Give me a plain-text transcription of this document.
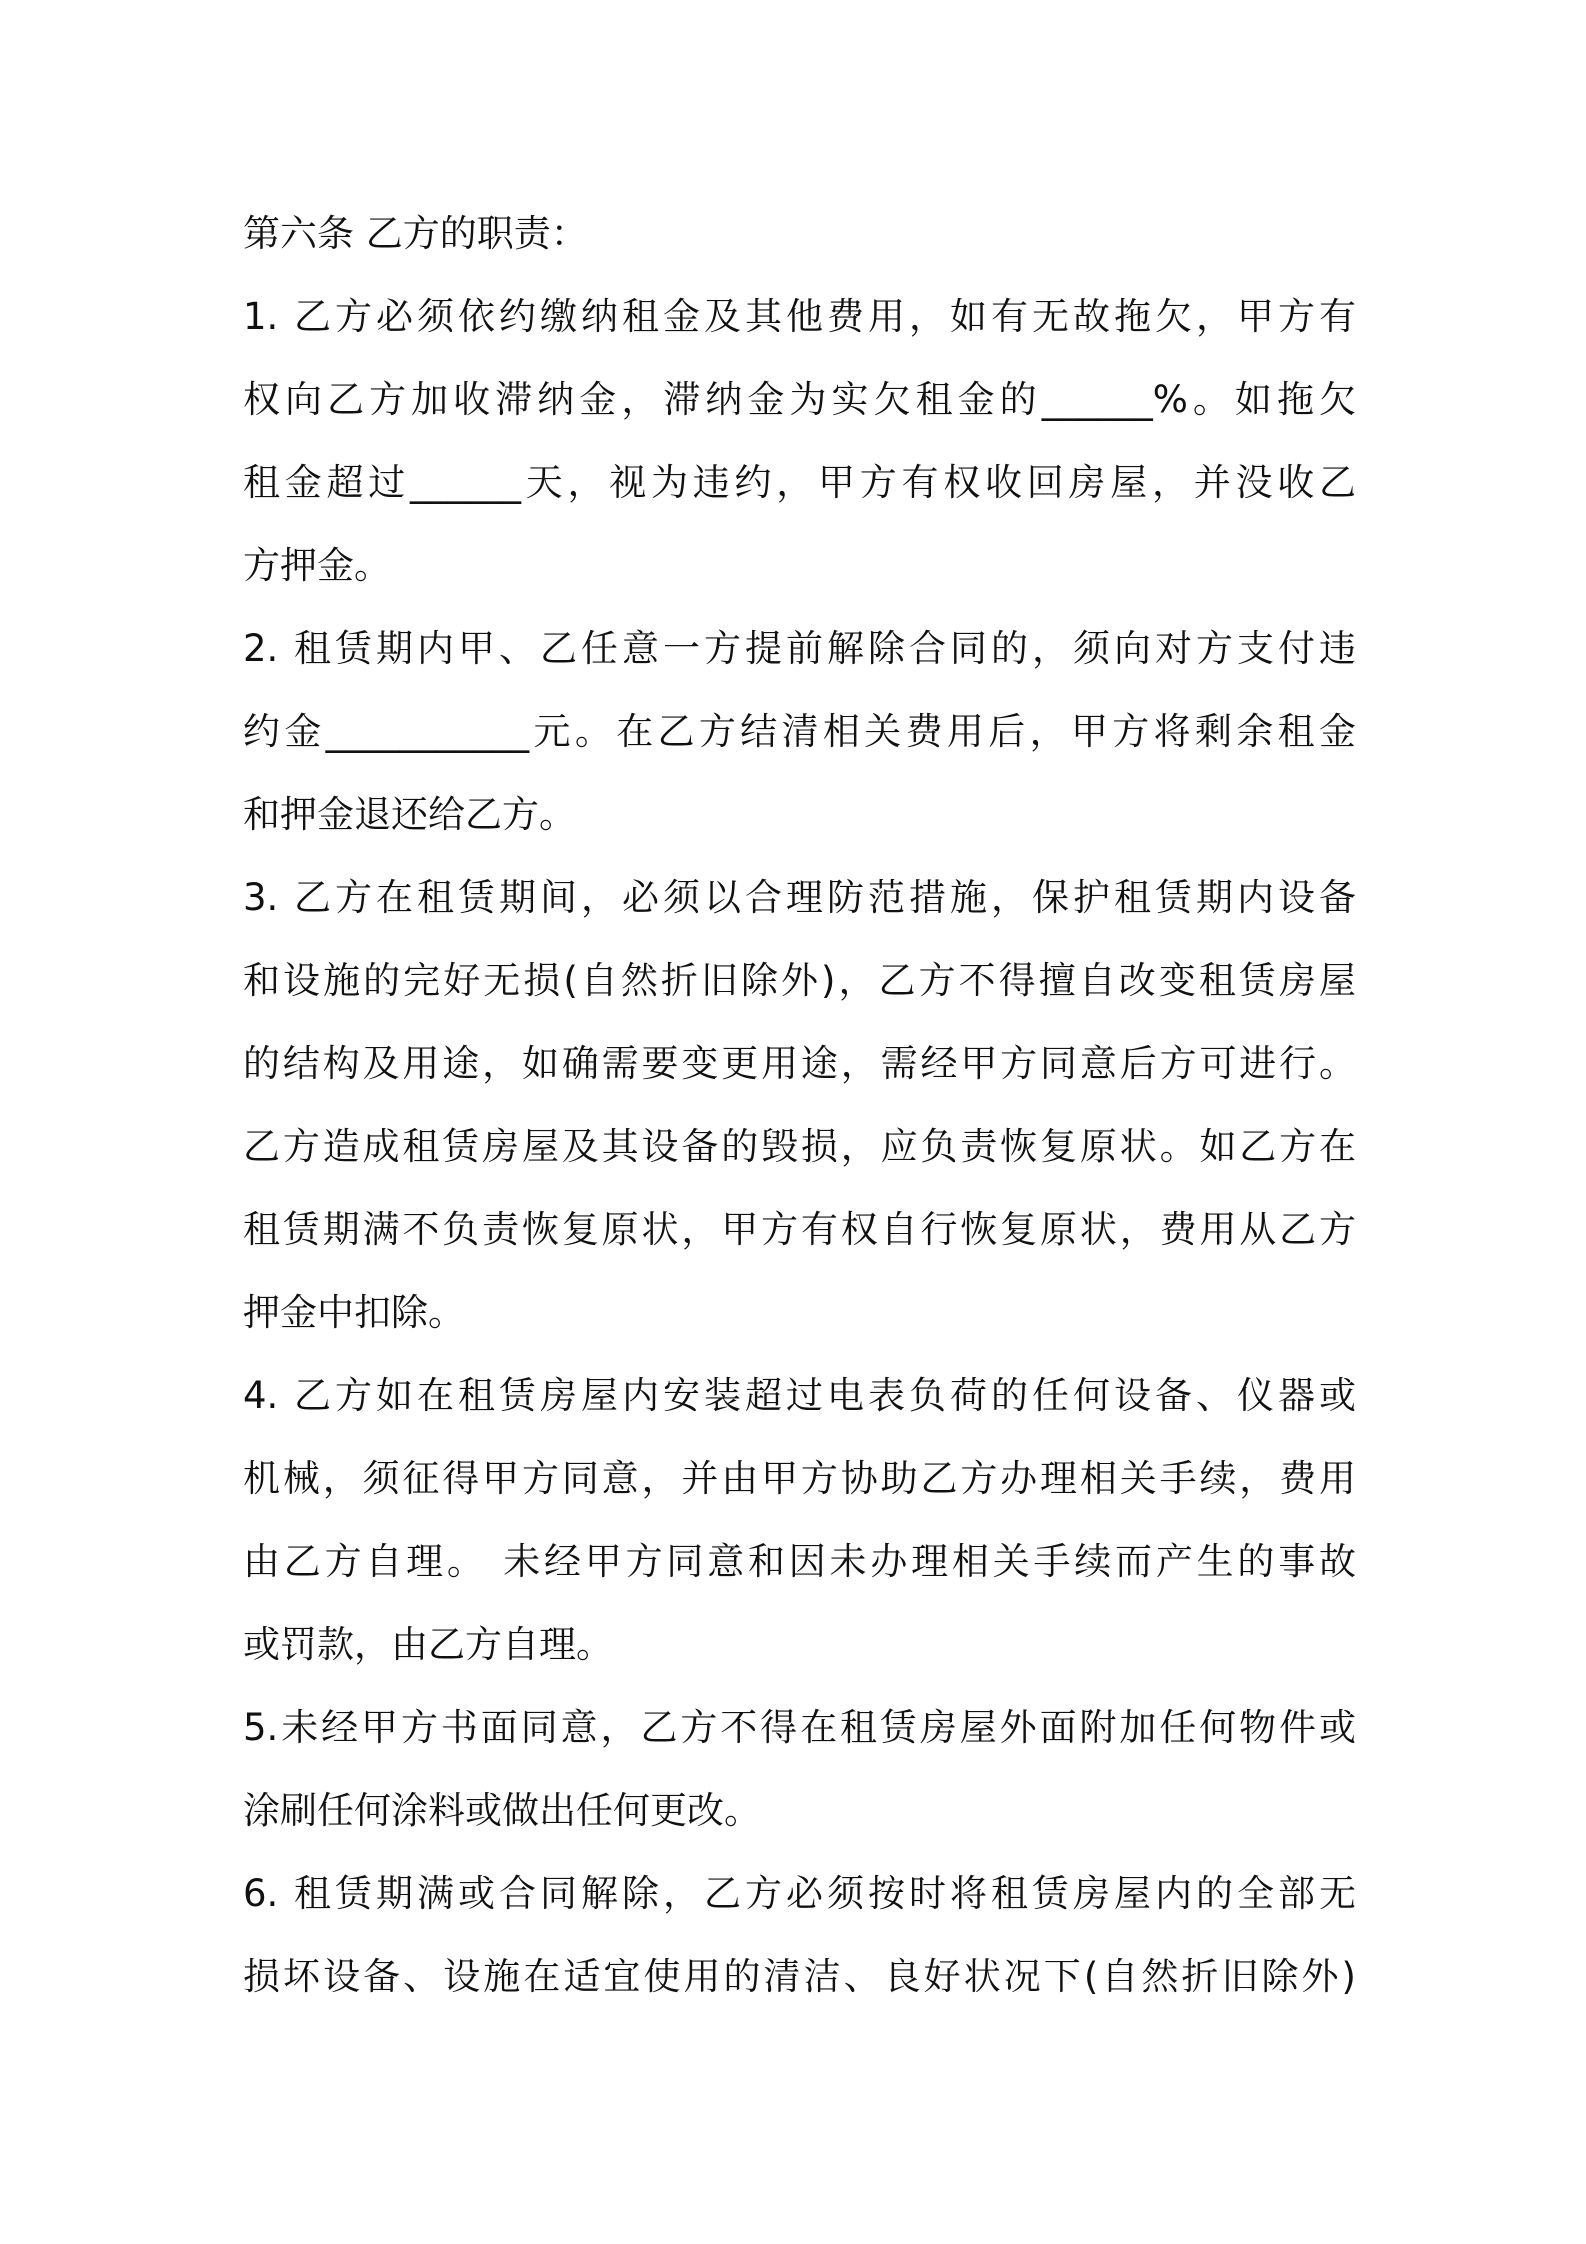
第六条 乙方的职责：
1. 乙方必须依约缴纳租金及其他费用，如有无故拖欠，甲方有
权向乙方加收滞纳金，滞纳金为实欠租金的______%。如拖欠
租金超过______天，视为违约，甲方有权收回房屋，并没收乙
方押金。
2. 租赁期内甲、乙任意一方提前解除合同的，须向对方支付违
约金___________元。在乙方结清相关费用后，甲方将剩余租金
和押金退还给乙方。
3. 乙方在租赁期间，必须以合理防范措施，保护租赁期内设备
和设施的完好无损(自然折旧除外)，乙方不得擅自改变租赁房屋
的结构及用途，如确需要变更用途，需经甲方同意后方可进行。
乙方造成租赁房屋及其设备的毁损，应负责恢复原状。如乙方在
租赁期满不负责恢复原状，甲方有权自行恢复原状，费用从乙方
押金中扣除。
4. 乙方如在租赁房屋内安装超过电表负荷的任何设备、仪器或
机械，须征得甲方同意，并由甲方协助乙方办理相关手续，费用
由乙方自理。 未经甲方同意和因未办理相关手续而产生的事故
或罚款，由乙方自理。
5.未经甲方书面同意，乙方不得在租赁房屋外面附加任何物件或
涂刷任何涂料或做出任何更改。
6. 租赁期满或合同解除，乙方必须按时将租赁房屋内的全部无
损坏设备、设施在适宜使用的清洁、良好状况下(自然折旧除外)
